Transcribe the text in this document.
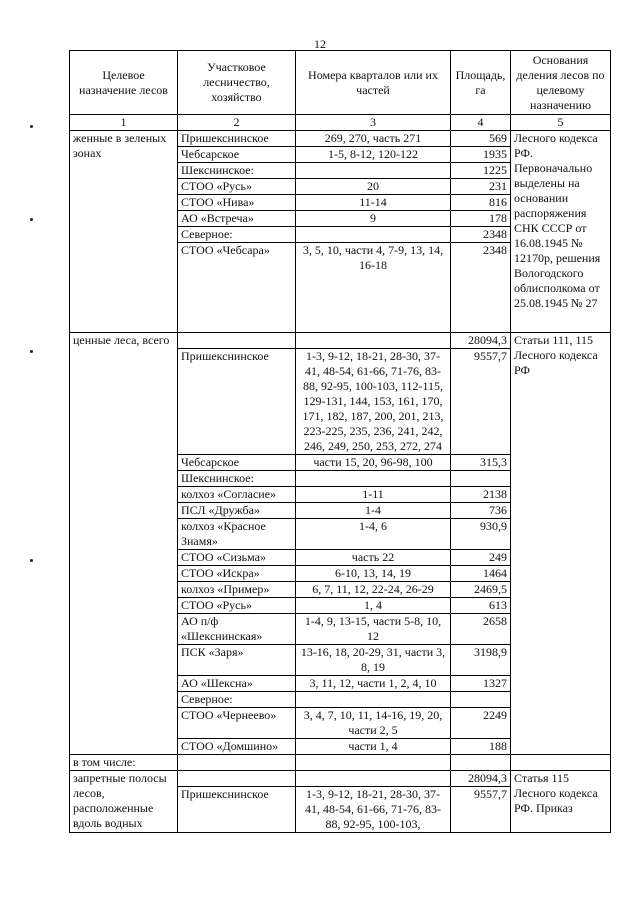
12
Целевое назначение лесов	Участковое лесничество, хозяйство	Номера кварталов или их частей	Площадь, га	Основания деления лесов по целевому назначению
1	2	3	4	5
женные в зеленых зонах	Пришекснинское	269, 270, часть 271	569	Лесного кодекса РФ. Первоначально выделены на основании распоряжения СНК СССР от 16.08.1945 № 12170р, решения Вологодского облисполкома от 25.08.1945 № 27
	Чебсарское	1-5, 8-12, 120-122	1935	
	Шекснинское:		1225	
	СТОО «Русь»	20	231	
	СТОО «Нива»	11-14	816	
	АО «Встреча»	9	178	
	Северное:		2348	
	СТОО «Чебсара»	3, 5, 10, части 4, 7-9, 13, 14, 16-18	2348	
ценные леса, всего			28094,3	Статьи 111, 115 Лесного кодекса РФ
	Пришекснинское	1-3, 9-12, 18-21, 28-30, 37-41, 48-54, 61-66, 71-76, 83-88, 92-95, 100-103, 112-115, 129-131, 144, 153, 161, 170, 171, 182, 187, 200, 201, 213, 223-225, 235, 236, 241, 242, 246, 249, 250, 253, 272, 274	9557,7	
	Чебсарское	части 15, 20, 96-98, 100	315,3	
	Шекснинское:			
	колхоз «Согласие»	1-11	2138	
	ПСЛ «Дружба»	1-4	736	
	колхоз «Красное Знамя»	1-4, 6	930,9	
	СТОО «Сизьма»	часть 22	249	
	СТОО «Искра»	6-10, 13, 14, 19	1464	
	колхоз «Пример»	6, 7, 11, 12, 22-24, 26-29	2469,5	
	СТОО «Русь»	1, 4	613	
	АО п/ф «Шекснинская»	1-4, 9, 13-15, части 5-8, 10, 12	2658	
	ПСК «Заря»	13-16, 18, 20-29, 31, части 3, 8, 19	3198,9	
	АО «Шексна»	3, 11, 12, части 1, 2, 4, 10	1327	
	Северное:			
	СТОО «Чернеево»	3, 4, 7, 10, 11, 14-16, 19, 20, части 2, 5	2249	
	СТОО «Домшино»	части 1, 4	188	
в том числе:				
запретные полосы лесов, расположенные вдоль водных			28094,3	Статья 115 Лесного кодекса РФ. Приказ
	Пришекснинское	1-3, 9-12, 18-21, 28-30, 37-41, 48-54, 61-66, 71-76, 83-88, 92-95, 100-103,	9557,7	
